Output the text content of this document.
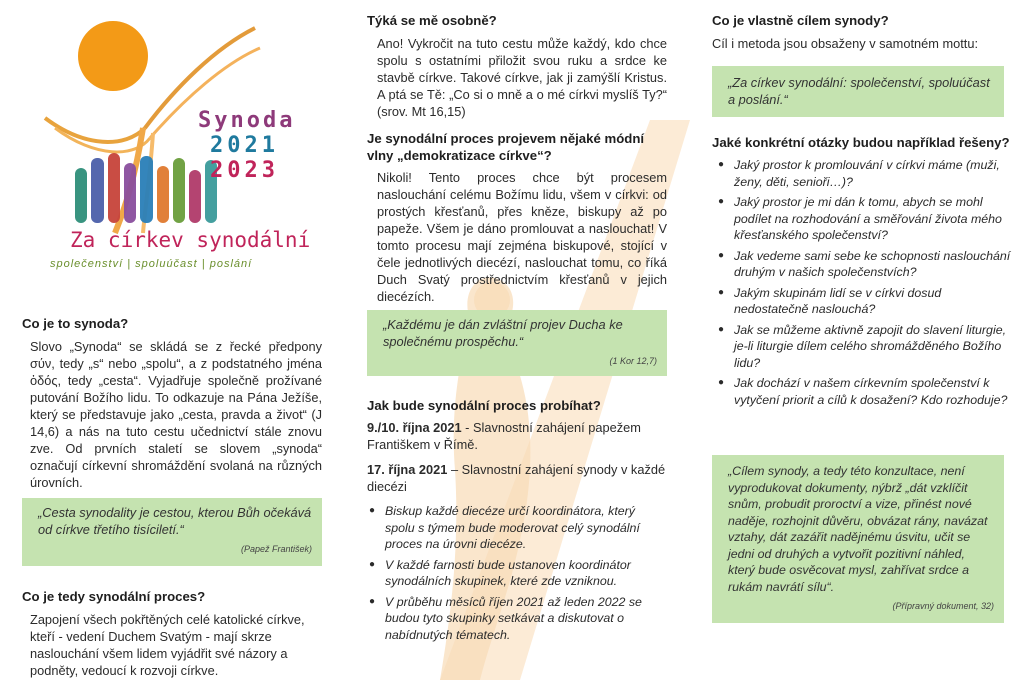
Synoda
2021
2023
Za církev synodální
společenství | spoluúčast | poslání
Co je to synoda?

Slovo „Synoda“ se skládá se z řecké předpony σύν, tedy „s“ nebo „spolu“, a z podstatného jména ὁδός, tedy „cesta“. Vyjadřuje společně prožívané putování Božího lidu. To odkazuje na Pána Ježíše, který se představuje jako „cesta, pravda a život“ (J 14,6) a nás na tuto cestu učednictví stále znovu zve. Od prvních staletí se slovem „synoda“ označují církevní shromáždění svolaná na různých úrovních.

„Cesta synodality je cestou, kterou Bůh očekává od církve třetího tisíciletí.“
(Papež František)
Co je tedy synodální proces?

Zapojení všech pokřtěných celé katolické církve, kteří - vedení Duchem Svatým - mají skrze naslouchání všem lidem vyjádřit své názory a podněty, vedoucí k rozvoji církve.

Týká se mě osobně?

Ano! Vykročit na tuto cestu může každý, kdo chce spolu s ostatními přiložit svou ruku a srdce ke stavbě církve. Takové církve, jak ji zamýšlí Kristus. A ptá se Tě: „Co si o mně a o mé církvi myslíš Ty?“ (srov. Mt 16,15)

Je synodální proces projevem nějaké módní vlny „demokratizace církve“?

Nikoli! Tento proces chce být procesem naslouchání celému Božímu lidu, všem v církvi: od prostých křesťanů, přes kněze, biskupy až po papeže. Všem je dáno promlouvat a naslouchat! V tomto procesu mají zejména biskupové, stojící v čele jednotlivých diecézí, naslouchat tomu, co říká Duch Svatý prostřednictvím křesťanů v jejich diecézích.

„Každému je dán zvláštní projev Ducha ke společnému prospěchu.“
(1 Kor 12,7)
Jak bude synodální proces probíhat?

9./10. října 2021 - Slavnostní zahájení papežem Františkem v Římě.

17. října 2021 – Slavnostní zahájení synody v každé diecézi

● Biskup každé diecéze určí koordinátora, který spolu s týmem bude moderovat celý synodální proces na úrovni diecéze.
● V každé farnosti bude ustanoven koordinátor synodálních skupinek, které zde vzniknou.
● V průběhu měsíců říjen 2021 až leden 2022 se budou tyto skupinky setkávat a diskutovat o nabídnutých tématech.
Co je vlastně cílem synody?

Cíl i metoda jsou obsaženy v samotném mottu:

„Za církev synodální: společenství, spoluúčast a poslání.“
Jaké konkrétní otázky budou například řešeny?
● Jaký prostor k promlouvání v církvi máme (muži, ženy, děti, senioři…)?
● Jaký prostor je mi dán k tomu, abych se mohl podílet na rozhodování a směřování života mého křesťanského společenství?
● Jak vedeme sami sebe ke schopnosti naslouchání druhým v našich společenstvích?
● Jakým skupinám lidí se v církvi dosud nedostatečně naslouchá?
● Jak se můžeme aktivně zapojit do slavení liturgie, je-li liturgie dílem celého shromážděného Božího lidu?
● Jak dochází v našem církevním společenství k vytyčení priorit a cílů k dosažení? Kdo rozhoduje?
„Cílem synody, a tedy této konzultace, není vyprodukovat dokumenty, nýbrž „dát vzklíčit snům, probudit proroctví a vize, přinést nové naděje, rozhojnit důvěru, obvázat rány, navázat vztahy, dát zazářit nadějnému úsvitu, učit se jedni od druhých a vytvořit pozitivní náhled, který bude osvěcovat mysl, zahřívat srdce a rukám navrátí sílu“.
(Přípravný dokument, 32)
